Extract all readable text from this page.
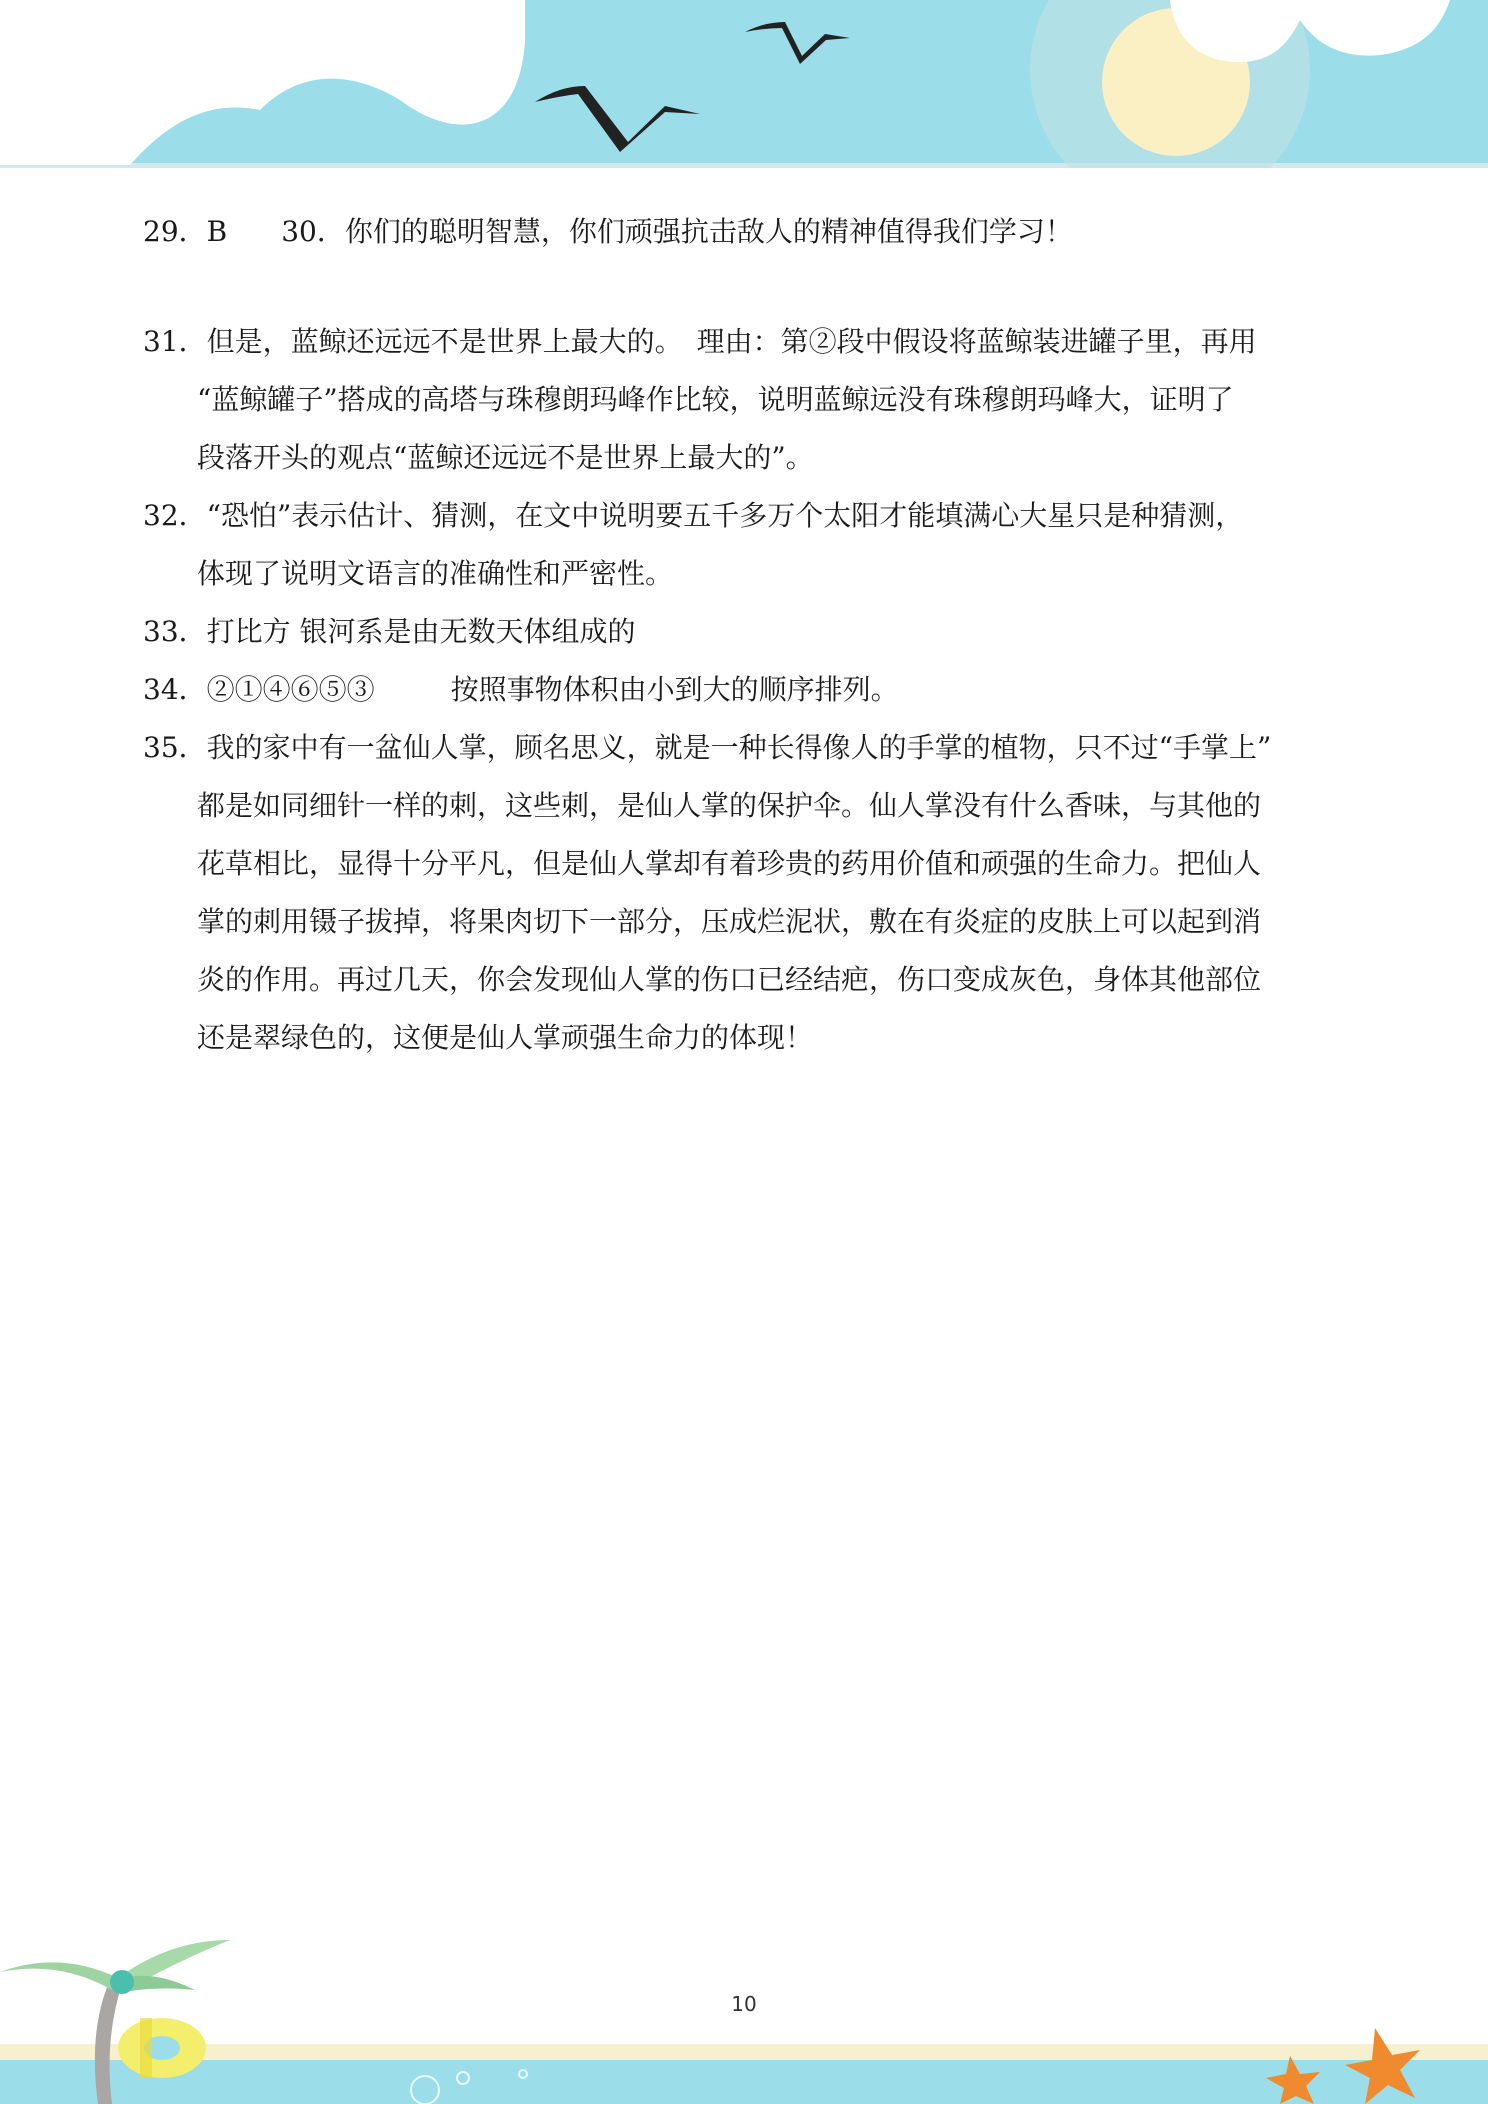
29．B 30．你们的聪明智慧，你们顽强抗击敌人的精神值得我们学习！
31．但是，蓝鲸还远远不是世界上最大的。　理由：第②段中假设将蓝鲸装进罐子里，再用
“蓝鲸罐子”搭成的高塔与珠穆朗玛峰作比较，说明蓝鲸远没有珠穆朗玛峰大，证明了
段落开头的观点“蓝鲸还远远不是世界上最大的”。
32．“恐怕”表示估计、猜测，在文中说明要五千多万个太阳才能填满心大星只是种猜测，
体现了说明文语言的准确性和严密性。
33．打比方 银河系是由无数天体组成的
34．②①④⑥⑤③	按照事物体积由小到大的顺序排列。
35．我的家中有一盆仙人掌，顾名思义，就是一种长得像人的手掌的植物，只不过“手掌上”
都是如同细针一样的刺，这些刺，是仙人掌的保护伞。仙人掌没有什么香味，与其他的
花草相比，显得十分平凡，但是仙人掌却有着珍贵的药用价值和顽强的生命力。把仙人
掌的刺用镊子拔掉，将果肉切下一部分，压成烂泥状，敷在有炎症的皮肤上可以起到消
炎的作用。再过几天，你会发现仙人掌的伤口已经结疤，伤口变成灰色，身体其他部位
还是翠绿色的，这便是仙人掌顽强生命力的体现！
10
